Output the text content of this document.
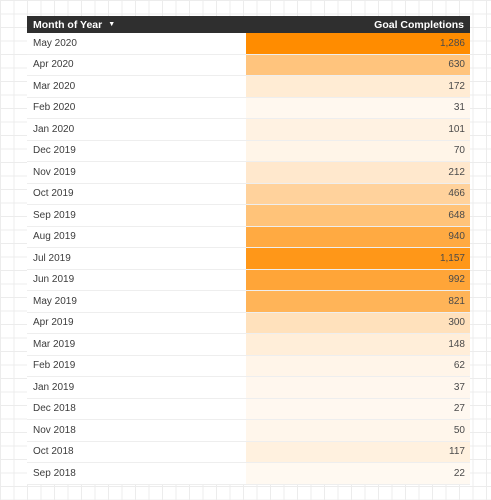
Month of Year ▼	Goal Completions
May 2020	1,286
Apr 2020	630
Mar 2020	172
Feb 2020	31
Jan 2020	101
Dec 2019	70
Nov 2019	212
Oct 2019	466
Sep 2019	648
Aug 2019	940
Jul 2019	1,157
Jun 2019	992
May 2019	821
Apr 2019	300
Mar 2019	148
Feb 2019	62
Jan 2019	37
Dec 2018	27
Nov 2018	50
Oct 2018	117
Sep 2018	22
